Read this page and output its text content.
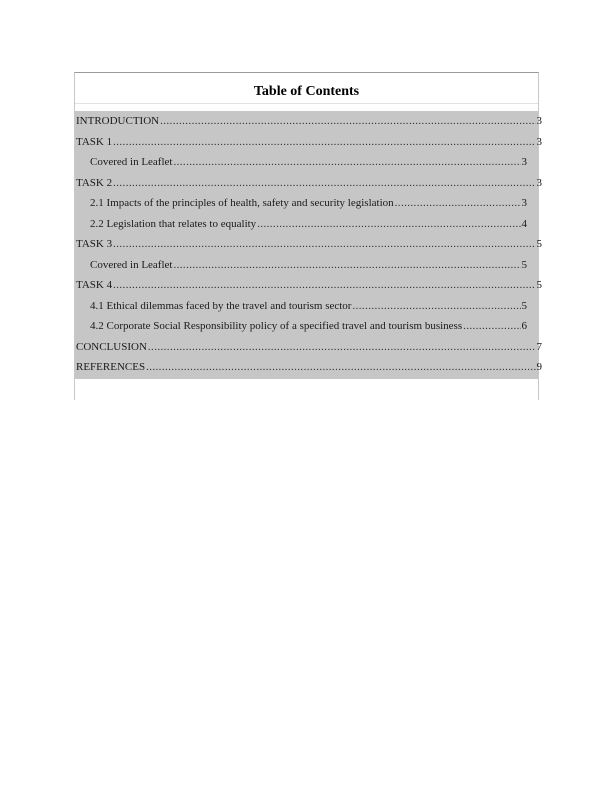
Table of Contents
INTRODUCTION .....	3
TASK 1 .....	3
Covered in Leaflet .....	3
TASK 2 .....	3
2.1 Impacts of the principles of health, safety and security legislation .....	3
2.2 Legislation that relates to equality .....	4
TASK 3 .....	5
Covered in Leaflet .....	5
TASK 4 .....	5
4.1 Ethical dilemmas faced by the travel and tourism sector .....	5
4.2 Corporate Social Responsibility policy of a specified travel and tourism business .....	6
CONCLUSION .....	7
REFERENCES .....	9
